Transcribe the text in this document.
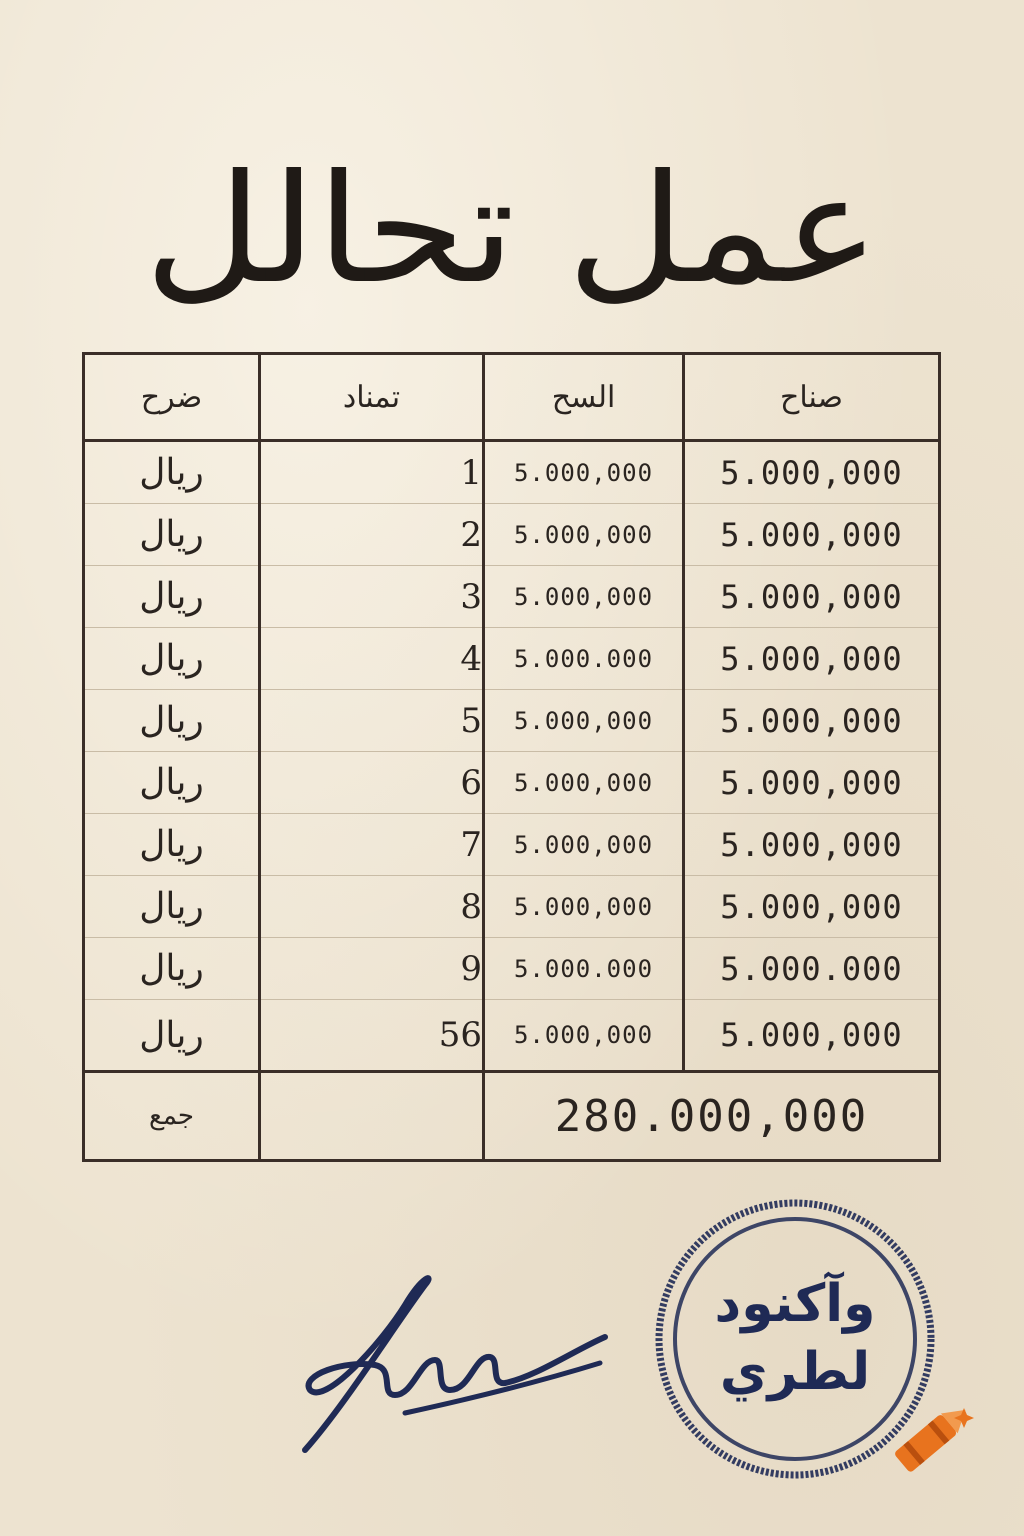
عمل تحالل
ضرح	تمناد	السح	صناح
ريال	1	5.000,000	5.000,000
ريال	2	5.000,000	5.000,000
ريال	3	5.000,000	5.000,000
ريال	4	5.000.000	5.000,000
ريال	5	5.000,000	5.000,000
ريال	6	5.000,000	5.000,000
ريال	7	5.000,000	5.000,000
ريال	8	5.000,000	5.000,000
ريال	9	5.000.000	5.000.000
ريال	56	5.000,000	5.000,000
جمع		280.000,000	
وآكنود
لطري
